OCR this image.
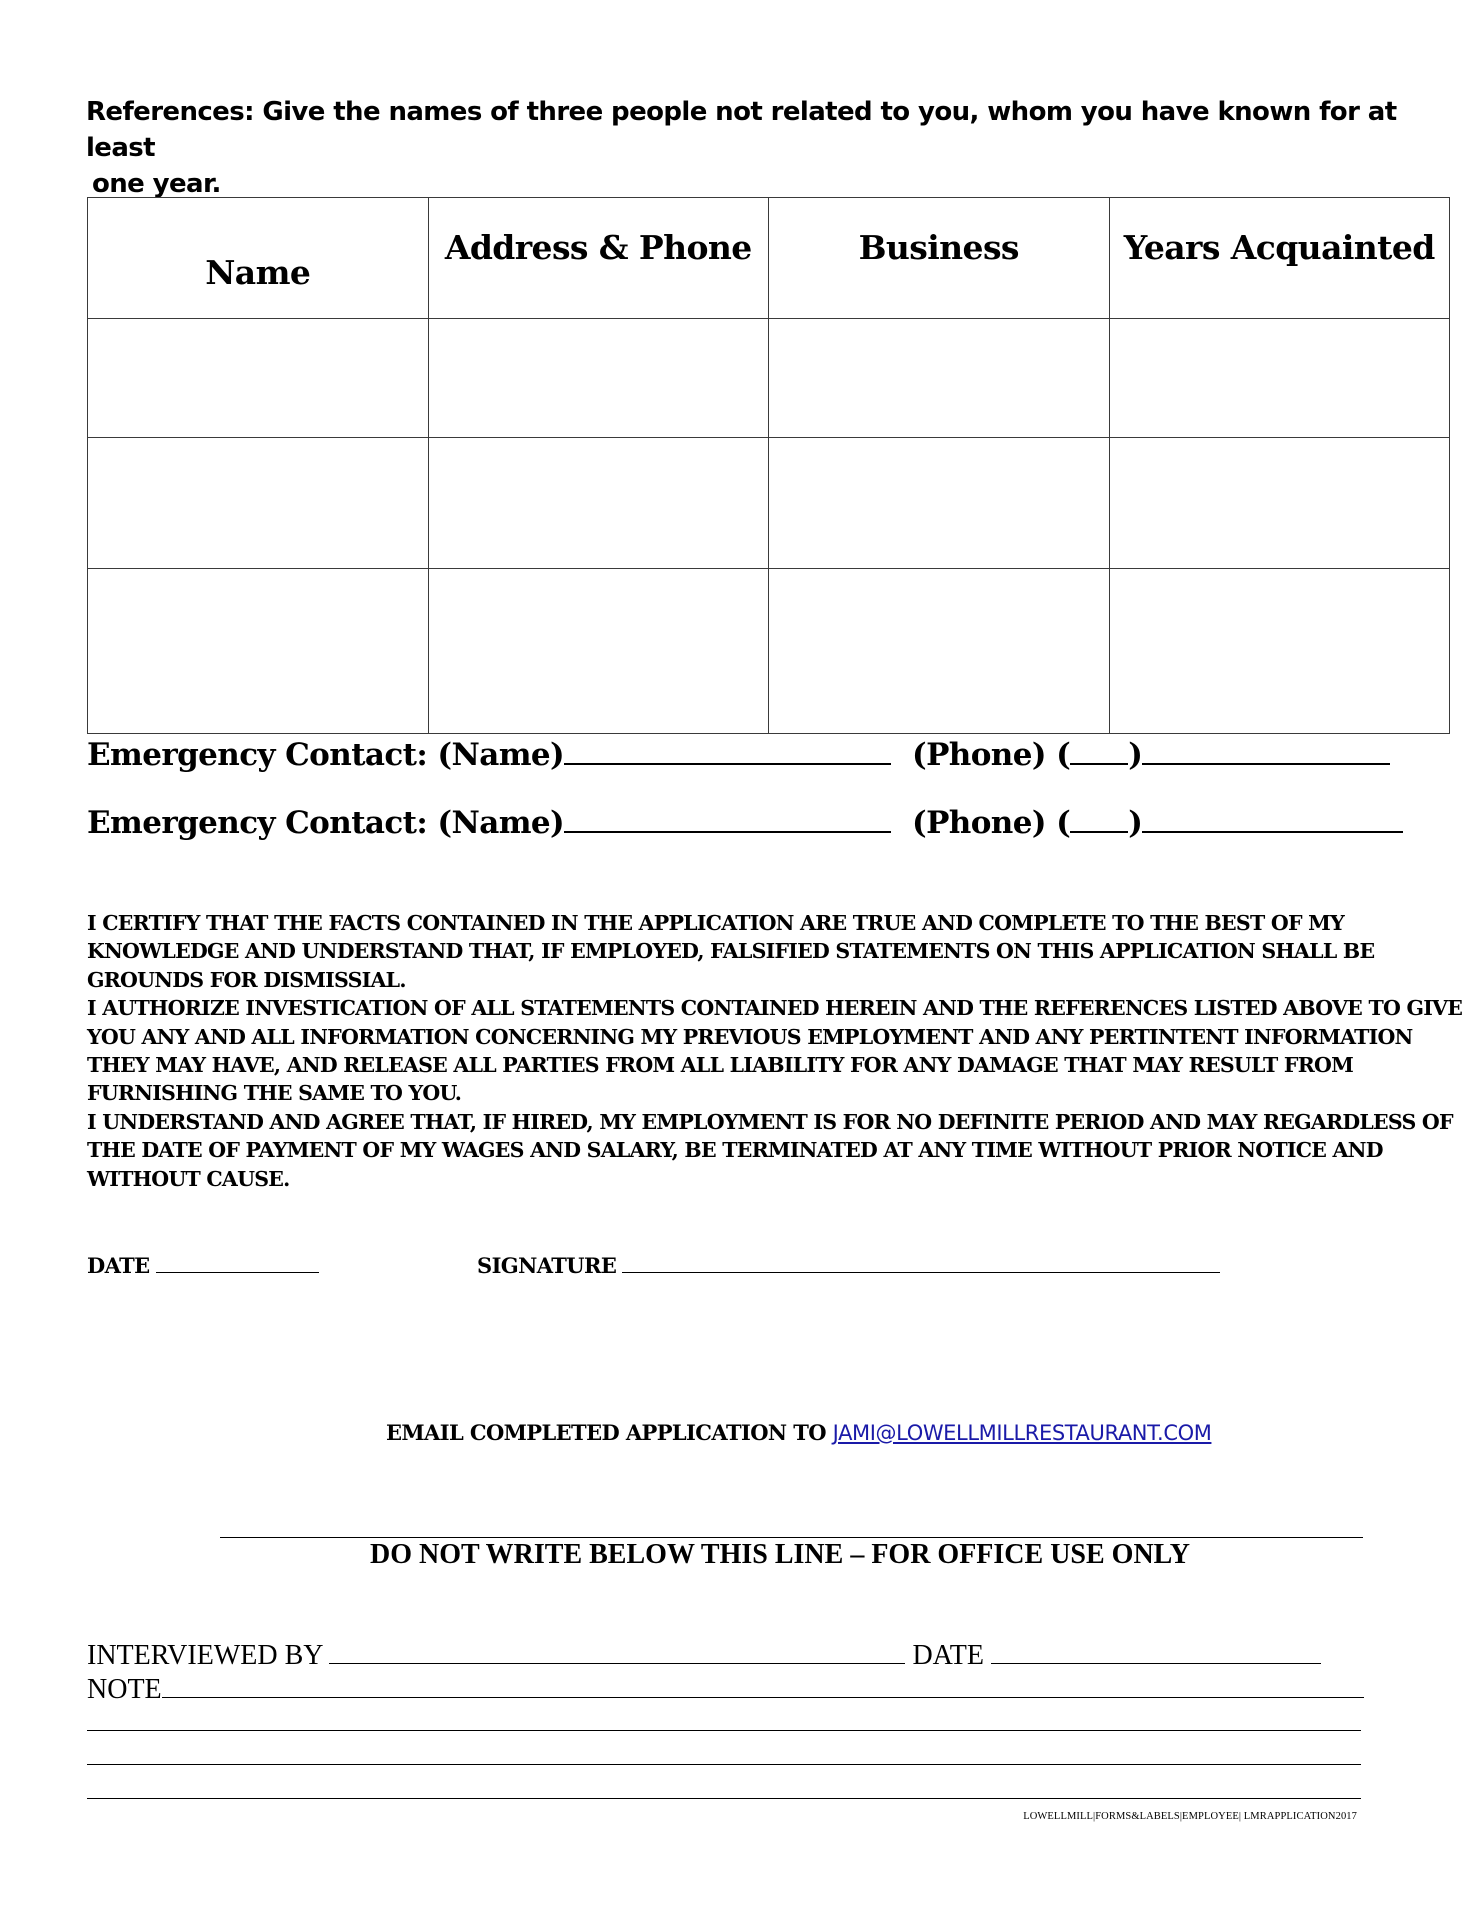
References: Give the names of three people not related to you, whom you have known for at least
one year.
Name	Address & Phone	Business	Years Acquainted

Emergency Contact: (Name)	(Phone) ( )
Emergency Contact: (Name)	(Phone) ( )

I CERTIFY THAT THE FACTS CONTAINED IN THE APPLICATION ARE TRUE AND COMPLETE TO THE BEST OF MY KNOWLEDGE AND UNDERSTAND THAT, IF EMPLOYED, FALSIFIED STATEMENTS ON THIS APPLICATION SHALL BE GROUNDS FOR DISMISSIAL.

I AUTHORIZE INVESTICATION OF ALL STATEMENTS CONTAINED HEREIN AND THE REFERENCES LISTED ABOVE TO GIVE YOU ANY AND ALL INFORMATION CONCERNING MY PREVIOUS EMPLOYMENT AND ANY PERTINTENT INFORMATION THEY MAY HAVE, AND RELEASE ALL PARTIES FROM ALL LIABILITY FOR ANY DAMAGE THAT MAY RESULT FROM FURNISHING THE SAME TO YOU.

I UNDERSTAND AND AGREE THAT, IF HIRED, MY EMPLOYMENT IS FOR NO DEFINITE PERIOD AND MAY REGARDLESS OF THE DATE OF PAYMENT OF MY WAGES AND SALARY, BE TERMINATED AT ANY TIME WITHOUT PRIOR NOTICE AND WITHOUT CAUSE.

DATE	SIGNATURE
EMAIL COMPLETED APPLICATION TO JAMI@LOWELLMILLRESTAURANT.COM
DO NOT WRITE BELOW THIS LINE – FOR OFFICE USE ONLY
INTERVIEWED BY	DATE
NOTE
LOWELLMILL|FORMS&LABELS|EMPLOYEE| LMRAPPLICATION2017
